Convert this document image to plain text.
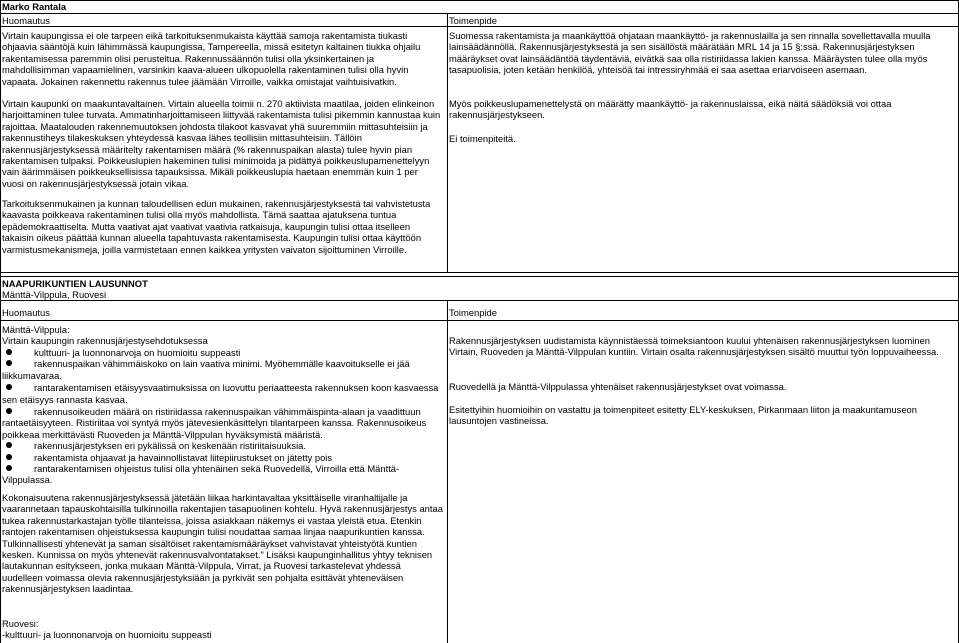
Marko Rantala
Huomautus	Toimenpide
Virtain kaupungissa ei ole tarpeen eikä tarkoituksenmukaista käyttää samoja rakentamista tiukasti ohjaavia sääntöjä kuin lähimmässä kaupungissa, Tampereella, missä esitetyn kaltainen tiukka ohjailu rakentamisessa paremmin olisi perusteltua. Rakennussäännön tulisi olla yksinkertainen ja mahdollisimman vapaamielinen, varsinkin kaava-alueen ulkopuolella rakentaminen tulisi olla hyvin vapaata. Jokainen rakennettu rakennus tulee jäämään Virroille, vaikka omistajat vaihtuisivatkin.
Virtain kaupunki on maakuntavaltainen. Virtain alueella toimii n. 270 aktiivista maatilaa, joiden elinkeinon harjoittaminen tulee turvata. Ammatinharjoittamiseen liittyvää rakentamista tulisi pikemmin kannustaa kuin rajoittaa. Maatalouden rakennemuutoksen johdosta tilakoot kasvavat yhä suuremmiin mittasuhteisiin ja rakennustiheys tilakeskuksen yhteydessä kasvaa lähes teollisiin mittasuhteisiin. Tällöin rakennusjärjestyksessä määritelty rakentamisen määrä (% rakennuspaikan alasta) tulee hyvin pian rakentamisen tulpaksi. Poikkeuslupien hakeminen tulisi minimoida ja pidättyä poikkeuslupamenettelyyn vain äärimmäisen poikkeuksellisissa tapauksissa. Mikäli poikkeuslupia haetaan enemmän kuin 1 per vuosi on rakennusjärjestyksessä jotain vikaa.
Tarkoituksenmukainen ja kunnan taloudellisen edun mukainen, rakennusjärjestyksestä tai vahvistetusta kaavasta poikkeava rakentaminen tulisi olla myös mahdollista. Tämä saattaa ajatuksena tuntua epädemokraattiselta. Mutta vaativat ajat vaativat vaativia ratkaisuja, kaupungin tulisi ottaa itselleen takaisin oikeus päättää kunnan alueella tapahtuvasta rakentamisesta. Kaupungin tulisi ottaa käyttöön varmistusmekanismeja, joilla varmistetaan ennen kaikkea yritysten vaivaton sijoittuminen Virroille.
Suomessa rakentamista ja maankäyttöä ohjataan maankäyttö- ja rakennuslailla ja sen rinnalla sovellettavalla muulla lainsäädännöllä. Rakennusjärjestyksestä ja sen sisällöstä määrätään MRL 14 ja 15 §:ssä. Rakennusjärjestyksen määräykset ovat lainsäädäntöä täydentäviä, eivätkä saa olla ristiriidassa lakien kanssa. Määräysten tulee olla myös tasapuolisia, joten ketään henkilöä, yhteisöä tai intressiryhmää ei saa asettaa eriarvoiseen asemaan.
Myös poikkeuslupamenettelystä on määrätty maankäyttö- ja rakennuslaissa, eikä näitä säädöksiä voi ottaa rakennusjärjestykseen.
Ei toimenpiteitä.
NAAPURIKUNTIEN LAUSUNNOT
Mänttä-Vilppula, Ruovesi
Huomautus	Toimenpide
Mänttä-Vilppula:
Virtain kaupungin rakennusjärjestysehdotuksessa
kulttuuri- ja luonnonarvoja on huomioitu suppeasti
rakennuspaikan vähimmäiskoko on lain vaativa minimi. Myöhemmälle kaavoitukselle ei jää liikkumavaraa.
rantarakentamisen etäisyysvaatimuksissa on luovuttu periaatteesta rakennuksen koon kasvaessa sen etäisyys rannasta kasvaa.
rakennusoikeuden määrä on ristiriidassa rakennuspaikan vähimmäispinta-alaan ja vaadittuun rantaetäisyyteen. Ristiriitaa voi syntyä myös jätevesienkäsittelyn tilantarpeen kanssa. Rakennusoikeus poikkeaa merkittävästi Ruoveden ja Mänttä-Vilppulan hyväksymistä määristä.
rakennusjärjestyksen eri pykälissä on keskenään ristiriitaisuuksia.
rakentamista ohjaavat ja havainnollistavat liitepiirustukset on jätetty pois
rantarakentamisen ohjeistus tulisi olla yhtenäinen sekä Ruovedellä, Virroilla että Mänttä-Vilppulassa.
Kokonaisuutena rakennusjärjestyksessä jätetään liikaa harkintavaltaa yksittäiselle viranhaltijalle ja vaarannetaan tapauskohtaisilla tulkinnoilla rakentajien tasapuolinen kohtelu. Hyvä rakennusjärjestys antaa tukea rakennustarkastajan työlle tilanteissa, joissa asiakkaan näkemys ei vastaa yleistä etua. Etenkin rantojen rakentamisen ohjeistuksessa kaupungin tulisi noudattaa samaa linjaa naapurikuntien kanssa. Tulkinnallisesti yhtenevät ja saman sisältöiset rakentamismääräykset vahvistavat yhteistyötä kuntien kesken. Kunnissa on myös yhtenevät rakennusvalvontatakset." Lisäksi kaupunginhallitus yhtyy teknisen lautakunnan esitykseen, jonka mukaan Mänttä-Vilppula, Virrat, ja Ruovesi tarkastelevat yhdessä uudelleen voimassa olevia rakennusjärjestyksiään ja pyrkivät sen pohjalta esittävät yhteneväisen rakennusjärjestyksen laadintaa.
Ruovesi:
-kulttuuri- ja luonnonarvoja on huomioitu suppeasti
Rakennusjärjestyksen uudistamista käynnistäessä toimeksiantoon kuului yhtenäisen rakennusjärjestyksen luominen Virtain, Ruoveden ja Mänttä-Vilppulan kuntiin. Virtain osalta rakennusjärjestyksen sisältö muuttui työn loppuvaiheessa.
Ruovedellä ja Mänttä-Vilppulassa yhtenäiset rakennusjärjestykset ovat voimassa.
Esitettyihin huomioihin on vastattu ja toimenpiteet esitetty ELY-keskuksen, Pirkanmaan liiton ja maakuntamuseon lausuntojen vastineissa.
